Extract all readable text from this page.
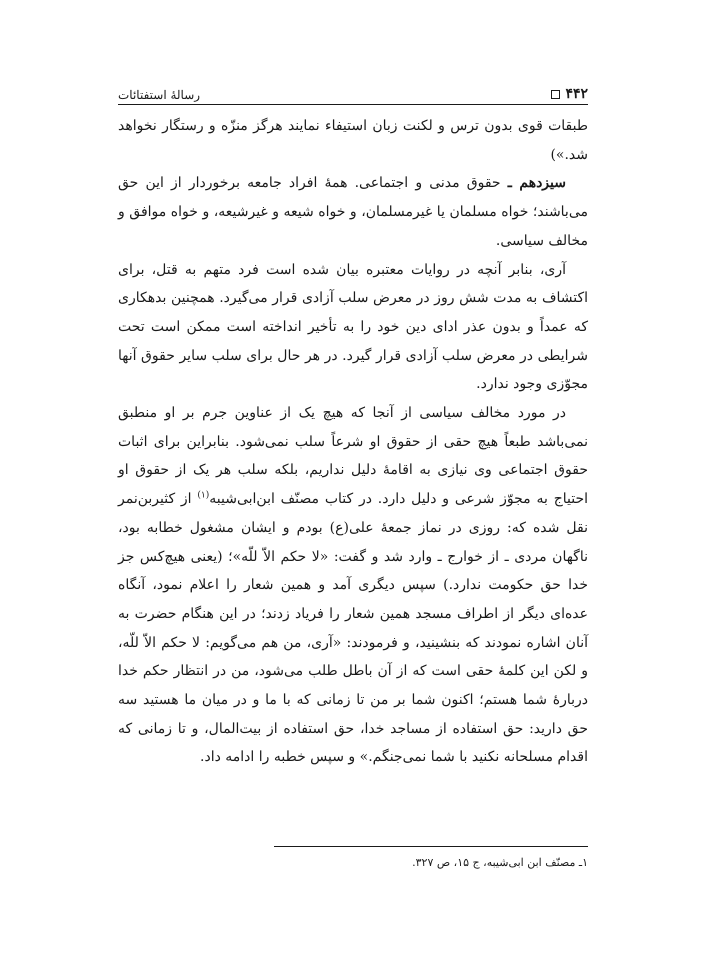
۴۴۲
رسالهٔ استفتائات

طبقات قوی بدون ترس و لکنت زبان استیفاء نمایند هرگز منزّه و رستگار نخواهد شد.»)

سیزدهم ـ حقوق مدنی و اجتماعی. همهٔ افراد جامعه برخوردار از این حق می‌باشند؛ خواه مسلمان یا غیرمسلمان، و خواه شیعه و غیرشیعه، و خواه موافق و مخالف سیاسی.

آری، بنابر آنچه در روایات معتبره بیان شده است فرد متهم به قتل، برای اکتشاف به مدت شش روز در معرض سلب آزادی قرار می‌گیرد. همچنین بدهکاری که عمداً و بدون عذر ادای دین خود را به تأخیر انداخته است ممکن است تحت شرایطی در معرض سلب آزادی قرار گیرد. در هر حال برای سلب سایر حقوق آنها مجوّزی وجود ندارد.

در مورد مخالف سیاسی از آنجا که هیچ یک از عناوین جرم بر او منطبق نمی‌باشد طبعاً هیچ حقی از حقوق او شرعاً سلب نمی‌شود. بنابراین برای اثبات حقوق اجتماعی وی نیازی به اقامهٔ دلیل نداریم، بلکه سلب هر یک از حقوق او احتیاج به مجوّز شرعی و دلیل دارد. در کتاب مصنّف ابن‌ابی‌شیبه$^{(۱)}$ از کثیربن‌نمر نقل شده که: روزی در نماز جمعهٔ علی(ع) بودم و ایشان مشغول خطابه بود، ناگهان مردی ـ از خوارج ـ وارد شد و گفت: «لا حکم الاّ للّه»؛ (یعنی هیچ‌کس جز خدا حق حکومت ندارد.) سپس دیگری آمد و همین شعار را اعلام نمود، آنگاه عده‌ای دیگر از اطراف مسجد همین شعار را فریاد زدند؛ در این هنگام حضرت به آنان اشاره نمودند که بنشینید، و فرمودند: «آری، من هم می‌گویم: لا حکم الاّ للّه، و لکن این کلمهٔ حقی است که از آن باطل طلب می‌شود، من در انتظار حکم خدا دربارهٔ شما هستم؛ اکنون شما بر من تا زمانی که با ما و در میان ما هستید سه حق دارید: حق استفاده از مساجد خدا، حق استفاده از بیت‌المال، و تا زمانی که اقدام مسلحانه نکنید با شما نمی‌جنگم.» و سپس خطبه را ادامه داد.

۱ـ مصنّف ابن ابی‌شیبه، ج ۱۵، ص ۳۲۷.
